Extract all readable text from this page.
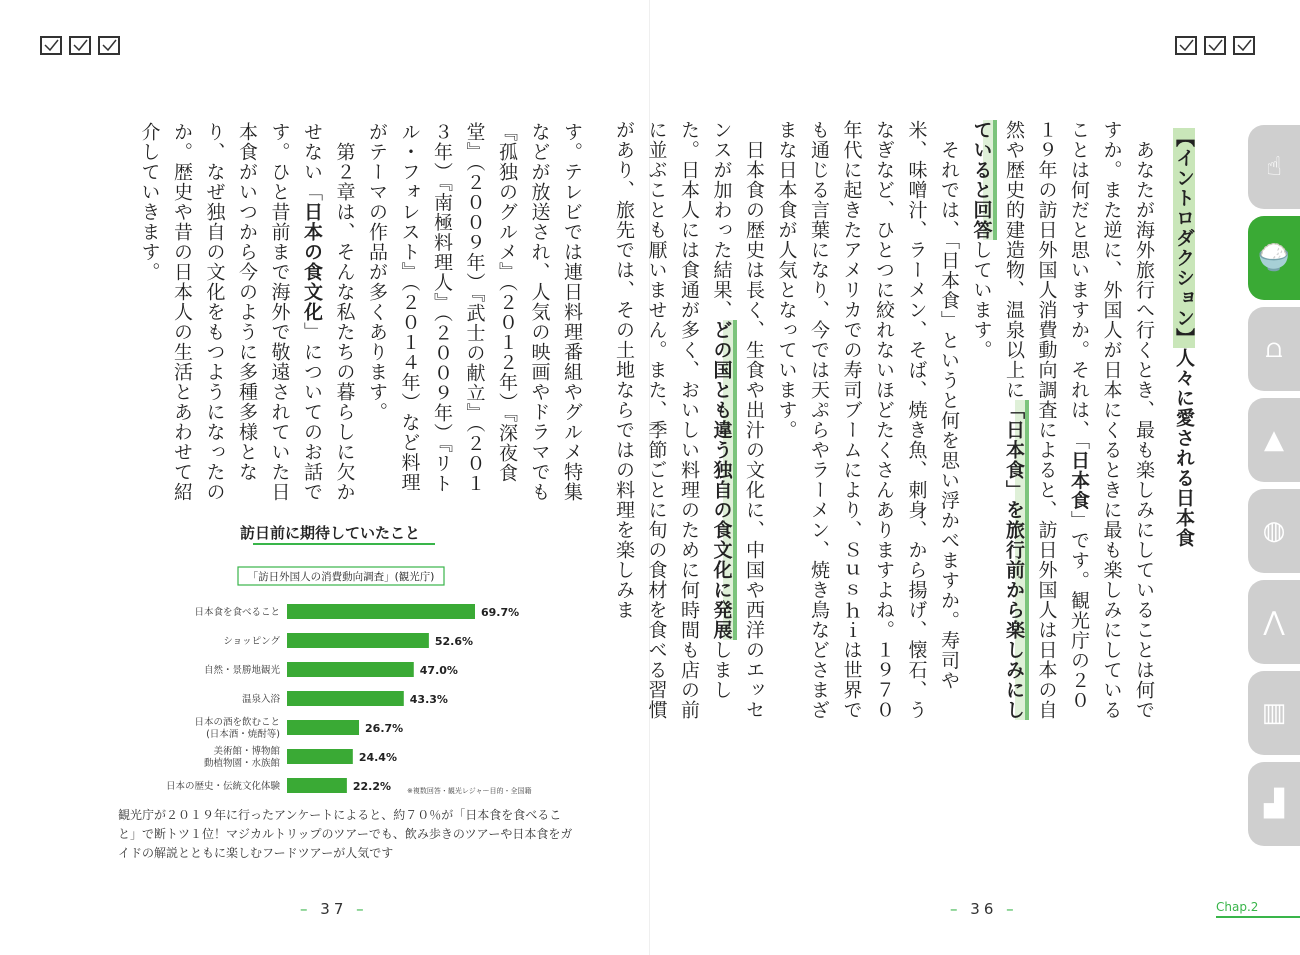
す。テレビでは連日料理番組やグルメ特集などが放送され、人気の映画やドラマでも『孤独のグルメ』（２０１２年）『深夜食堂』（２００９年）『武士の献立』（２０１３年）『南極料理人』（２００９年）『リトル・フォレスト』（２０１４年）など料理がテーマの作品が多くあります。
　第２章は、そんな私たちの暮らしに欠かせない「日本の食文化」についてのお話です。ひと昔前まで海外で敬遠されていた日本食がいつから今のように多種多様となり、なぜ独自の文化をもつようになったのか。歴史や昔の日本人の生活とあわせて紹介していきます。
訪日前に期待していたこと
「訪日外国人の消費動向調査」(観光庁)
69.7%
日本食を食べること
52.6%
ショッピング
47.0%
自然・景勝地観光
43.3%
温泉入浴
26.7%
日本の酒を飲むこと
(日本酒・焼酎等)
24.4%
美術館・博物館
動植物園・水族館
22.2%
日本の歴史・伝統文化体験	※複数回答・観光レジャー目的・全国籍
観光庁が２０１９年に行ったアンケートによると、約７０％が「日本食を食べること」で断トツ１位！マジカルトリップのツアーでも、飲み歩きのツアーや日本食をガイドの解説とともに楽しむフードツアーが人気です
– 37 –
【イントロダクション】人々に愛される日本食
　あなたが海外旅行へ行くとき、最も楽しみにしていることは何ですか。また逆に、外国人が日本にくるときに最も楽しみにしていることは何だと思いますか。それは、「日本食」です。観光庁の２０１９年の訪日外国人消費動向調査によると、訪日外国人は日本の自然や歴史的建造物、温泉以上に「日本食」を旅行前から楽しみにしていると回答しています。
　それでは、「日本食」というと何を思い浮かべますか。寿司や米、味噌汁、ラーメン、そば、焼き魚、刺身、から揚げ、懐石、うなぎなど、ひとつに絞れないほどたくさんありますよね。１９７０年代に起きたアメリカでの寿司ブームにより、Ｓｕｓｈｉは世界でも通じる言葉になり、今では天ぷらやラーメン、焼き鳥などさまざまな日本食が人気となっています。
　日本食の歴史は長く、生食や出汁の文化に、中国や西洋のエッセンスが加わった結果、どの国とも違う独自の食文化に発展しました。日本人には食通が多く、おいしい料理のために何時間も店の前に並ぶことも厭いません。また、季節ごとに旬の食材を食べる習慣があり、旅先では、その土地ならではの料理を楽しみま
– 36 –	Chap.2
☝
🍚
⩍
▲
◍
⋀
▥
▟
